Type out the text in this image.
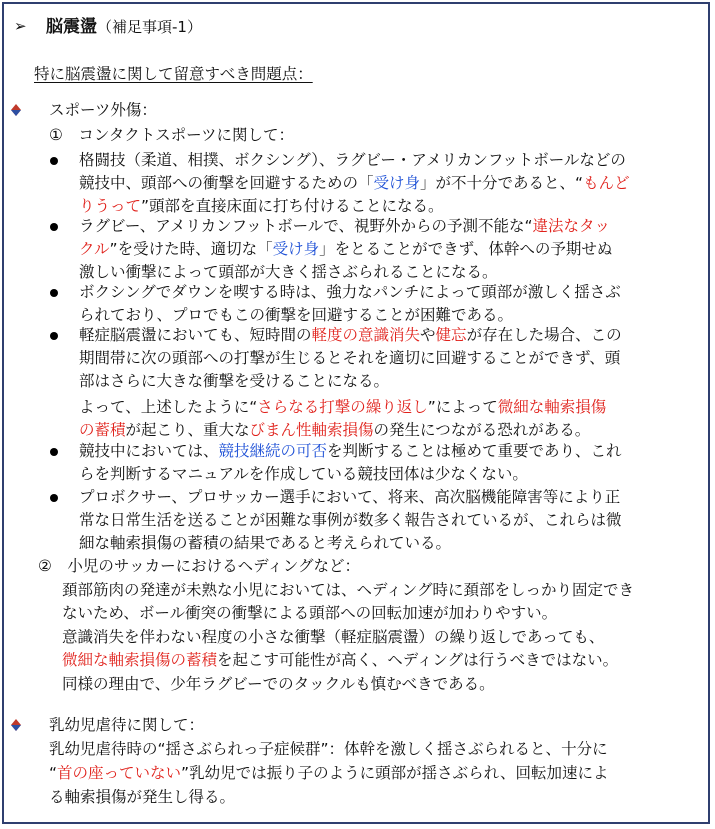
➢ 脳震盪（補足事項-1）
特に脳震盪に関して留意すべき問題点：
スポーツ外傷：
①　コンタクトスポーツに関して：
格闘技（柔道、相撲、ボクシング）、ラグビー・アメリカンフットボールなどの
競技中、頭部への衝撃を回避するための「受け身」が不十分であると、“もんど
りうって”頭部を直接床面に打ち付けることになる。
ラグビー、アメリカンフットボールで、視野外からの予測不能な“違法なタッ
クル”を受けた時、適切な「受け身」をとることができず、体幹への予期せぬ
激しい衝撃によって頭部が大きく揺さぶられることになる。
ボクシングでダウンを喫する時は、強力なパンチによって頭部が激しく揺さぶ
られており、プロでもこの衝撃を回避することが困難である。
軽症脳震盪においても、短時間の軽度の意識消失や健忘が存在した場合、この
期間帯に次の頭部への打撃が生じるとそれを適切に回避することができず、頭
部はさらに大きな衝撃を受けることになる。
よって、上述したように“さらなる打撃の繰り返し”によって微細な軸索損傷
の蓄積が起こり、重大なびまん性軸索損傷の発生につながる恐れがある。
競技中においては、競技継続の可否を判断することは極めて重要であり、これ
らを判断するマニュアルを作成している競技団体は少なくない。
プロボクサー、プロサッカー選手において、将来、高次脳機能障害等により正
常な日常生活を送ることが困難な事例が数多く報告されているが、これらは微
細な軸索損傷の蓄積の結果であると考えられている。
②　小児のサッカーにおけるヘディングなど：
頚部筋肉の発達が未熟な小児においては、ヘディング時に頚部をしっかり固定でき
ないため、ボール衝突の衝撃による頭部への回転加速が加わりやすい。
意識消失を伴わない程度の小さな衝撃（軽症脳震盪）の繰り返しであっても、
微細な軸索損傷の蓄積を起こす可能性が高く、ヘディングは行うべきではない。
同様の理由で、少年ラグビーでのタックルも慎むべきである。
乳幼児虐待に関して：
乳幼児虐待時の“揺さぶられっ子症候群”：体幹を激しく揺さぶられると、十分に
“首の座っていない”乳幼児では振り子のように頭部が揺さぶられ、回転加速によ
る軸索損傷が発生し得る。
